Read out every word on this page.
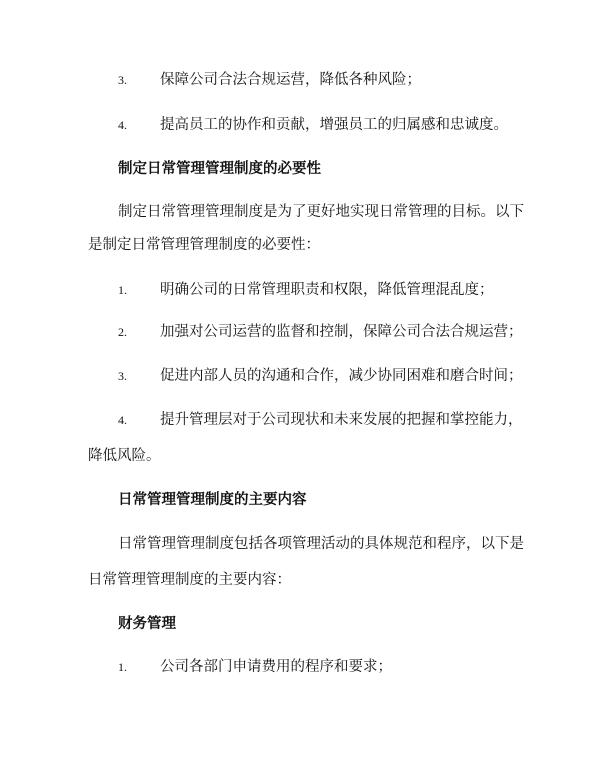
3. 保障公司合法合规运营，降低各种风险；
4. 提高员工的协作和贡献，增强员工的归属感和忠诚度。
制定日常管理管理制度的必要性
制定日常管理管理制度是为了更好地实现日常管理的目标。以下
是制定日常管理管理制度的必要性：
1. 明确公司的日常管理职责和权限，降低管理混乱度；
2. 加强对公司运营的监督和控制，保障公司合法合规运营；
3. 促进内部人员的沟通和合作，减少协同困难和磨合时间；
4. 提升管理层对于公司现状和未来发展的把握和掌控能力，
降低风险。
日常管理管理制度的主要内容
日常管理管理制度包括各项管理活动的具体规范和程序，以下是
日常管理管理制度的主要内容：
财务管理
1. 公司各部门申请费用的程序和要求；
